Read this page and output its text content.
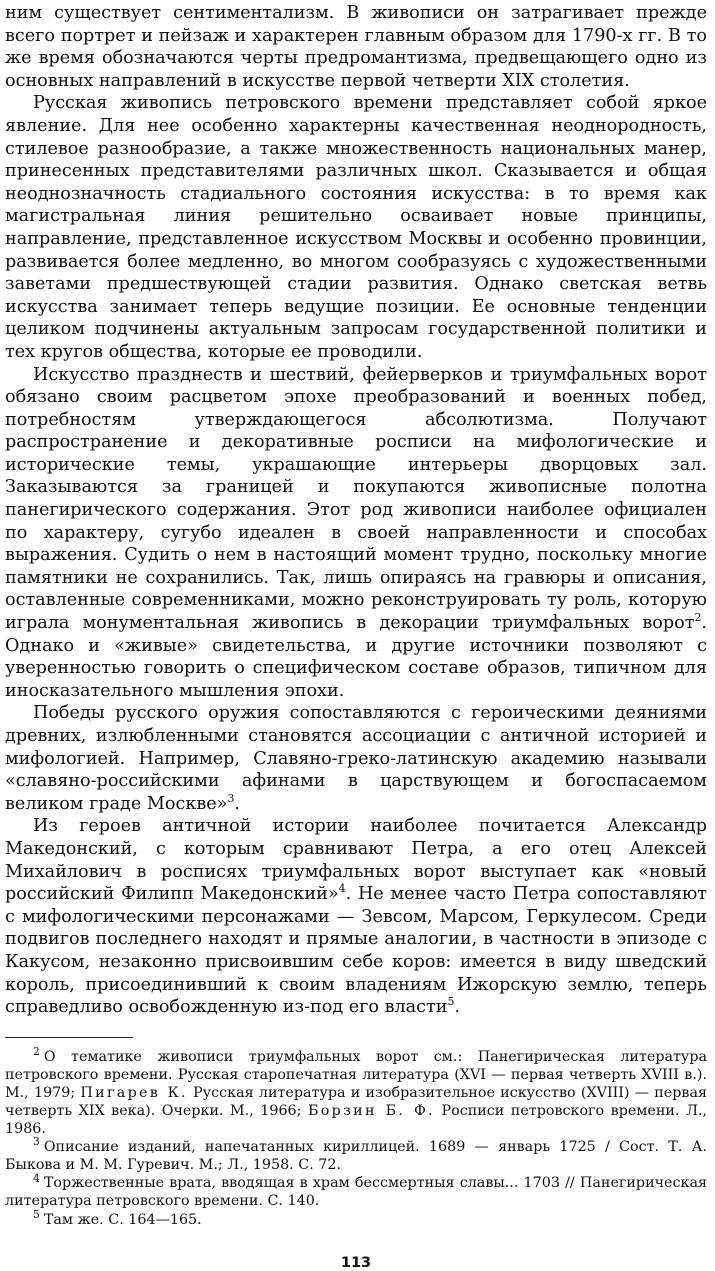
ним существует сентиментализм. В живописи он затрагивает прежде всего портрет и пейзаж и характерен главным образом для 1790-х гг. В то же время обозначаются черты предромантизма, предвещающего одно из основных направлений в искусстве первой четверти XIX столетия.

Русская живопись петровского времени представляет собой яркое явление. Для нее особенно характерны качественная неоднородность, стилевое разнообразие, а также множественность национальных манер, принесенных представителями различных школ. Сказывается и общая неоднозначность стадиального состояния искусства: в то время как магистральная линия решительно осваивает новые принципы, направление, представленное искусством Москвы и особенно провинции, развивается более медленно, во многом сообразуясь с художественными заветами предшествующей стадии развития. Однако светская ветвь искусства занимает теперь ведущие позиции. Ее основные тенденции целиком подчинены актуальным запросам государственной политики и тех кругов общества, которые ее проводили.

Искусство празднеств и шествий, фейерверков и триумфальных ворот обязано своим расцветом эпохе преобразований и военных побед, потребностям утверждающегося абсолютизма. Получают распространение и декоративные росписи на мифологические и исторические темы, украшающие интерьеры дворцовых зал. Заказываются за границей и покупаются живописные полотна панегирического содержания. Этот род живописи наиболее официален по характеру, сугубо идеален в своей направленности и способах выражения. Судить о нем в настоящий момент трудно, поскольку многие памятники не сохранились. Так, лишь опираясь на гравюры и описания, оставленные современниками, можно реконструировать ту роль, которую играла монументальная живопись в декорации триумфальных ворот$^2$. Однако и «живые» свидетельства, и другие источники позволяют с уверенностью говорить о специфическом составе образов, типичном для иносказательного мышления эпохи.

Победы русского оружия сопоставляются с героическими деяниями древних, излюбленными становятся ассоциации с античной историей и мифологией. Например, Славяно-греко-латинскую академию называли «славяно-российскими афинами в царствующем и богоспасаемом великом граде Москве»$^3$.

Из героев античной истории наиболее почитается Александр Македонский, с которым сравнивают Петра, а его отец Алексей Михайлович в росписях триумфальных ворот выступает как «новый российский Филипп Македонский»$^4$. Не менее часто Петра сопоставляют с мифологическими персонажами — Зевсом, Марсом, Геркулесом. Среди подвигов последнего находят и прямые аналогии, в частности в эпизоде с Какусом, незаконно присвоившим себе коров: имеется в виду шведский король, присоединивший к своим владениям Ижорскую землю, теперь справедливо освобожденную из-под его власти$^5$.

$^2$ О тематике живописи триумфальных ворот см.: Панегирическая литература петровского времени. Русская старопечатная литература (XVI — первая четверть XVIII в.). М., 1979; Пигарев К. Русская литература и изобразительное искусство (XVIII) — первая четверть XIX века). Очерки. М., 1966; Борзин Б. Ф. Росписи петровского времени. Л., 1986.

$^3$ Описание изданий, напечатанных кириллицей. 1689 — январь 1725 / Сост. Т. А. Быкова и М. М. Гуревич. М.; Л., 1958. С. 72.

$^4$ Торжественные врата, вводящая в храм бессмертныя славы... 1703 // Панегирическая литература петровского времени. С. 140.

$^5$ Там же. С. 164—165.

113
